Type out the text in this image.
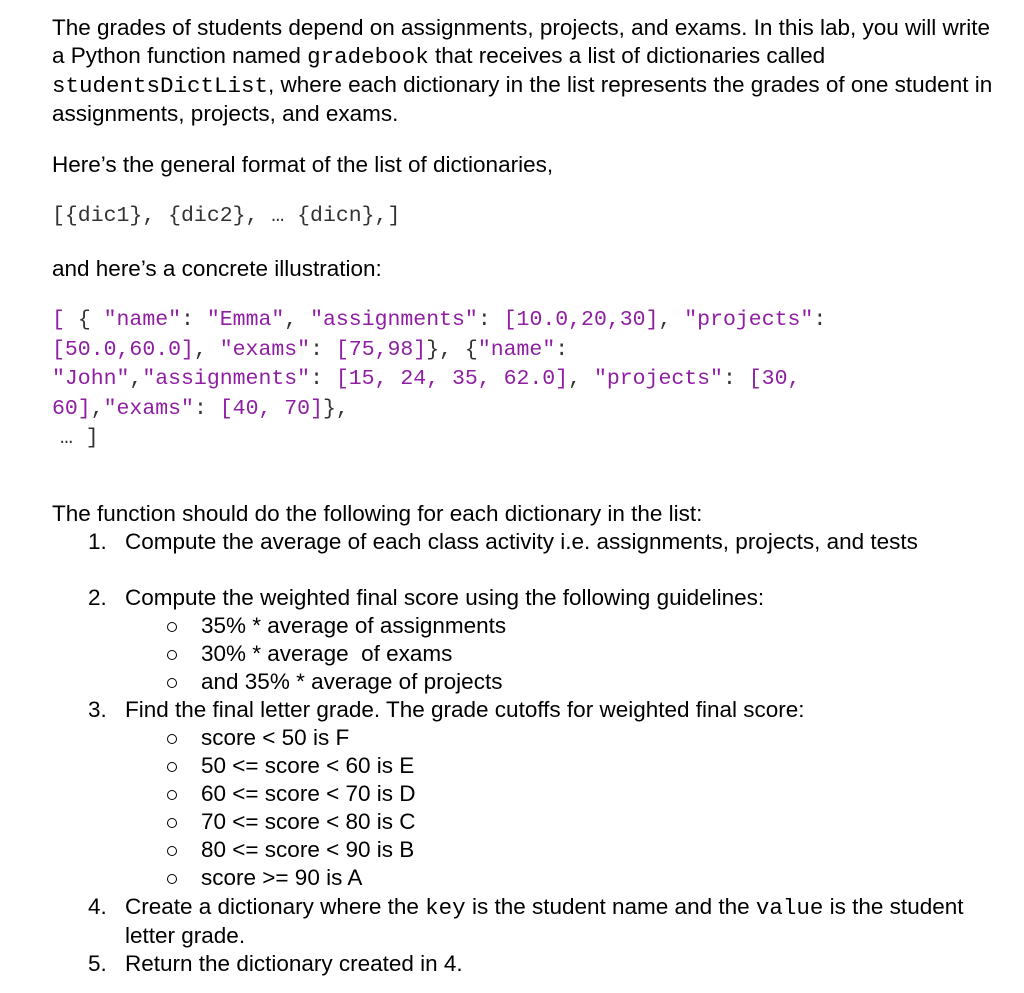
The grades of students depend on assignments, projects, and exams. In this lab, you will write a Python function named gradebook that receives a list of dictionaries called studentsDictList, where each dictionary in the list represents the grades of one student in assignments, projects, and exams.

Here’s the general format of the list of dictionaries,

[{dic1}, {dic2}, … {dicn},]

and here’s a concrete illustration:

[ { "name": "Emma", "assignments": [10.0,20,30], "projects":
[50.0,60.0], "exams": [75,98]}, {"name":
"John","assignments": [15, 24, 35, 62.0], "projects": [30,
60],"exams": [40, 70]},
… ]

The function should do the following for each dictionary in the list:

1. Compute the average of each class activity i.e. assignments, projects, and tests
2. Compute the weighted final score using the following guidelines:
35% * average of assignments
30% * average  of exams
and 35% * average of projects
3. Find the final letter grade. The grade cutoffs for weighted final score:
score < 50 is F
50 <= score < 60 is E
60 <= score < 70 is D
70 <= score < 80 is C
80 <= score < 90 is B
score >= 90 is A
4. Create a dictionary where the key is the student name and the value is the student letter grade.
5. Return the dictionary created in 4.
